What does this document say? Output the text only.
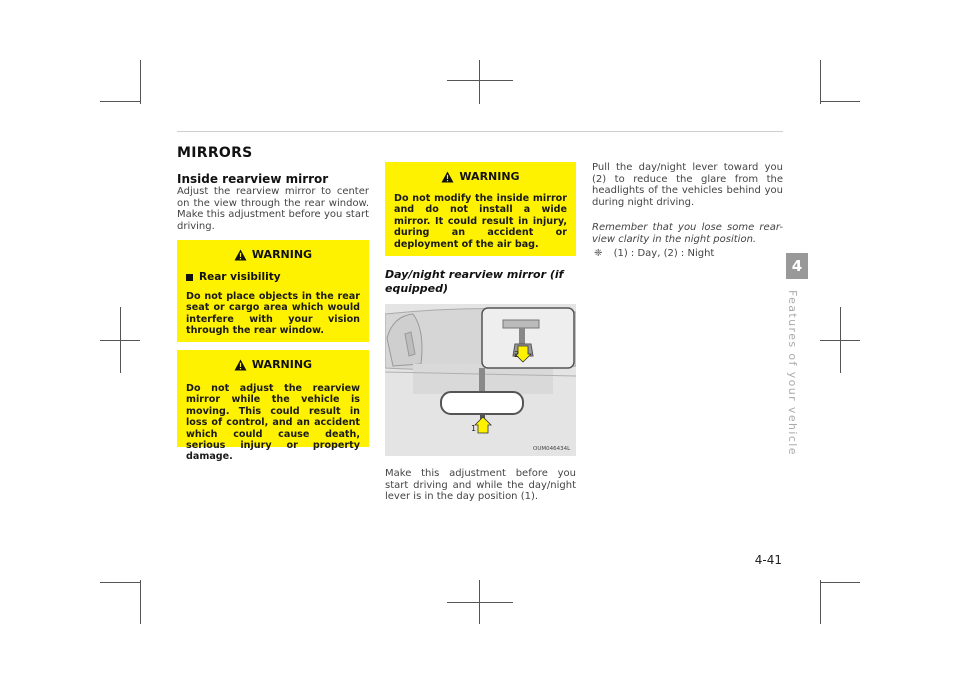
MIRRORS
Inside rearview mirror
Adjust the rearview mirror to center on the view through the rear window. Make this adjustment before you start driving.
WARNING
Rear visibility
Do not place objects in the rear seat or cargo area which would interfere with your vision through the rear window.
WARNING
Do not adjust the rearview mirror while the vehicle is moving. This could result in loss of control, and an accident which could cause death, serious injury or property damage.
WARNING
Do not modify the inside mirror and do not install a wide mirror. It could result in injury, during an accident or deployment of the air bag.
Day/night rearview mirror (if equipped)
2
1
OUM046434L
Make this adjustment before you start driving and while the day/night lever is in the day position (1).
Pull the day/night lever toward you (2) to reduce the glare from the headlights of the vehicles behind you during night driving.
Remember that you lose some rear-view clarity in the night position.
❈ (1) : Day, (2) : Night
4
Features of your vehicle
4-41
